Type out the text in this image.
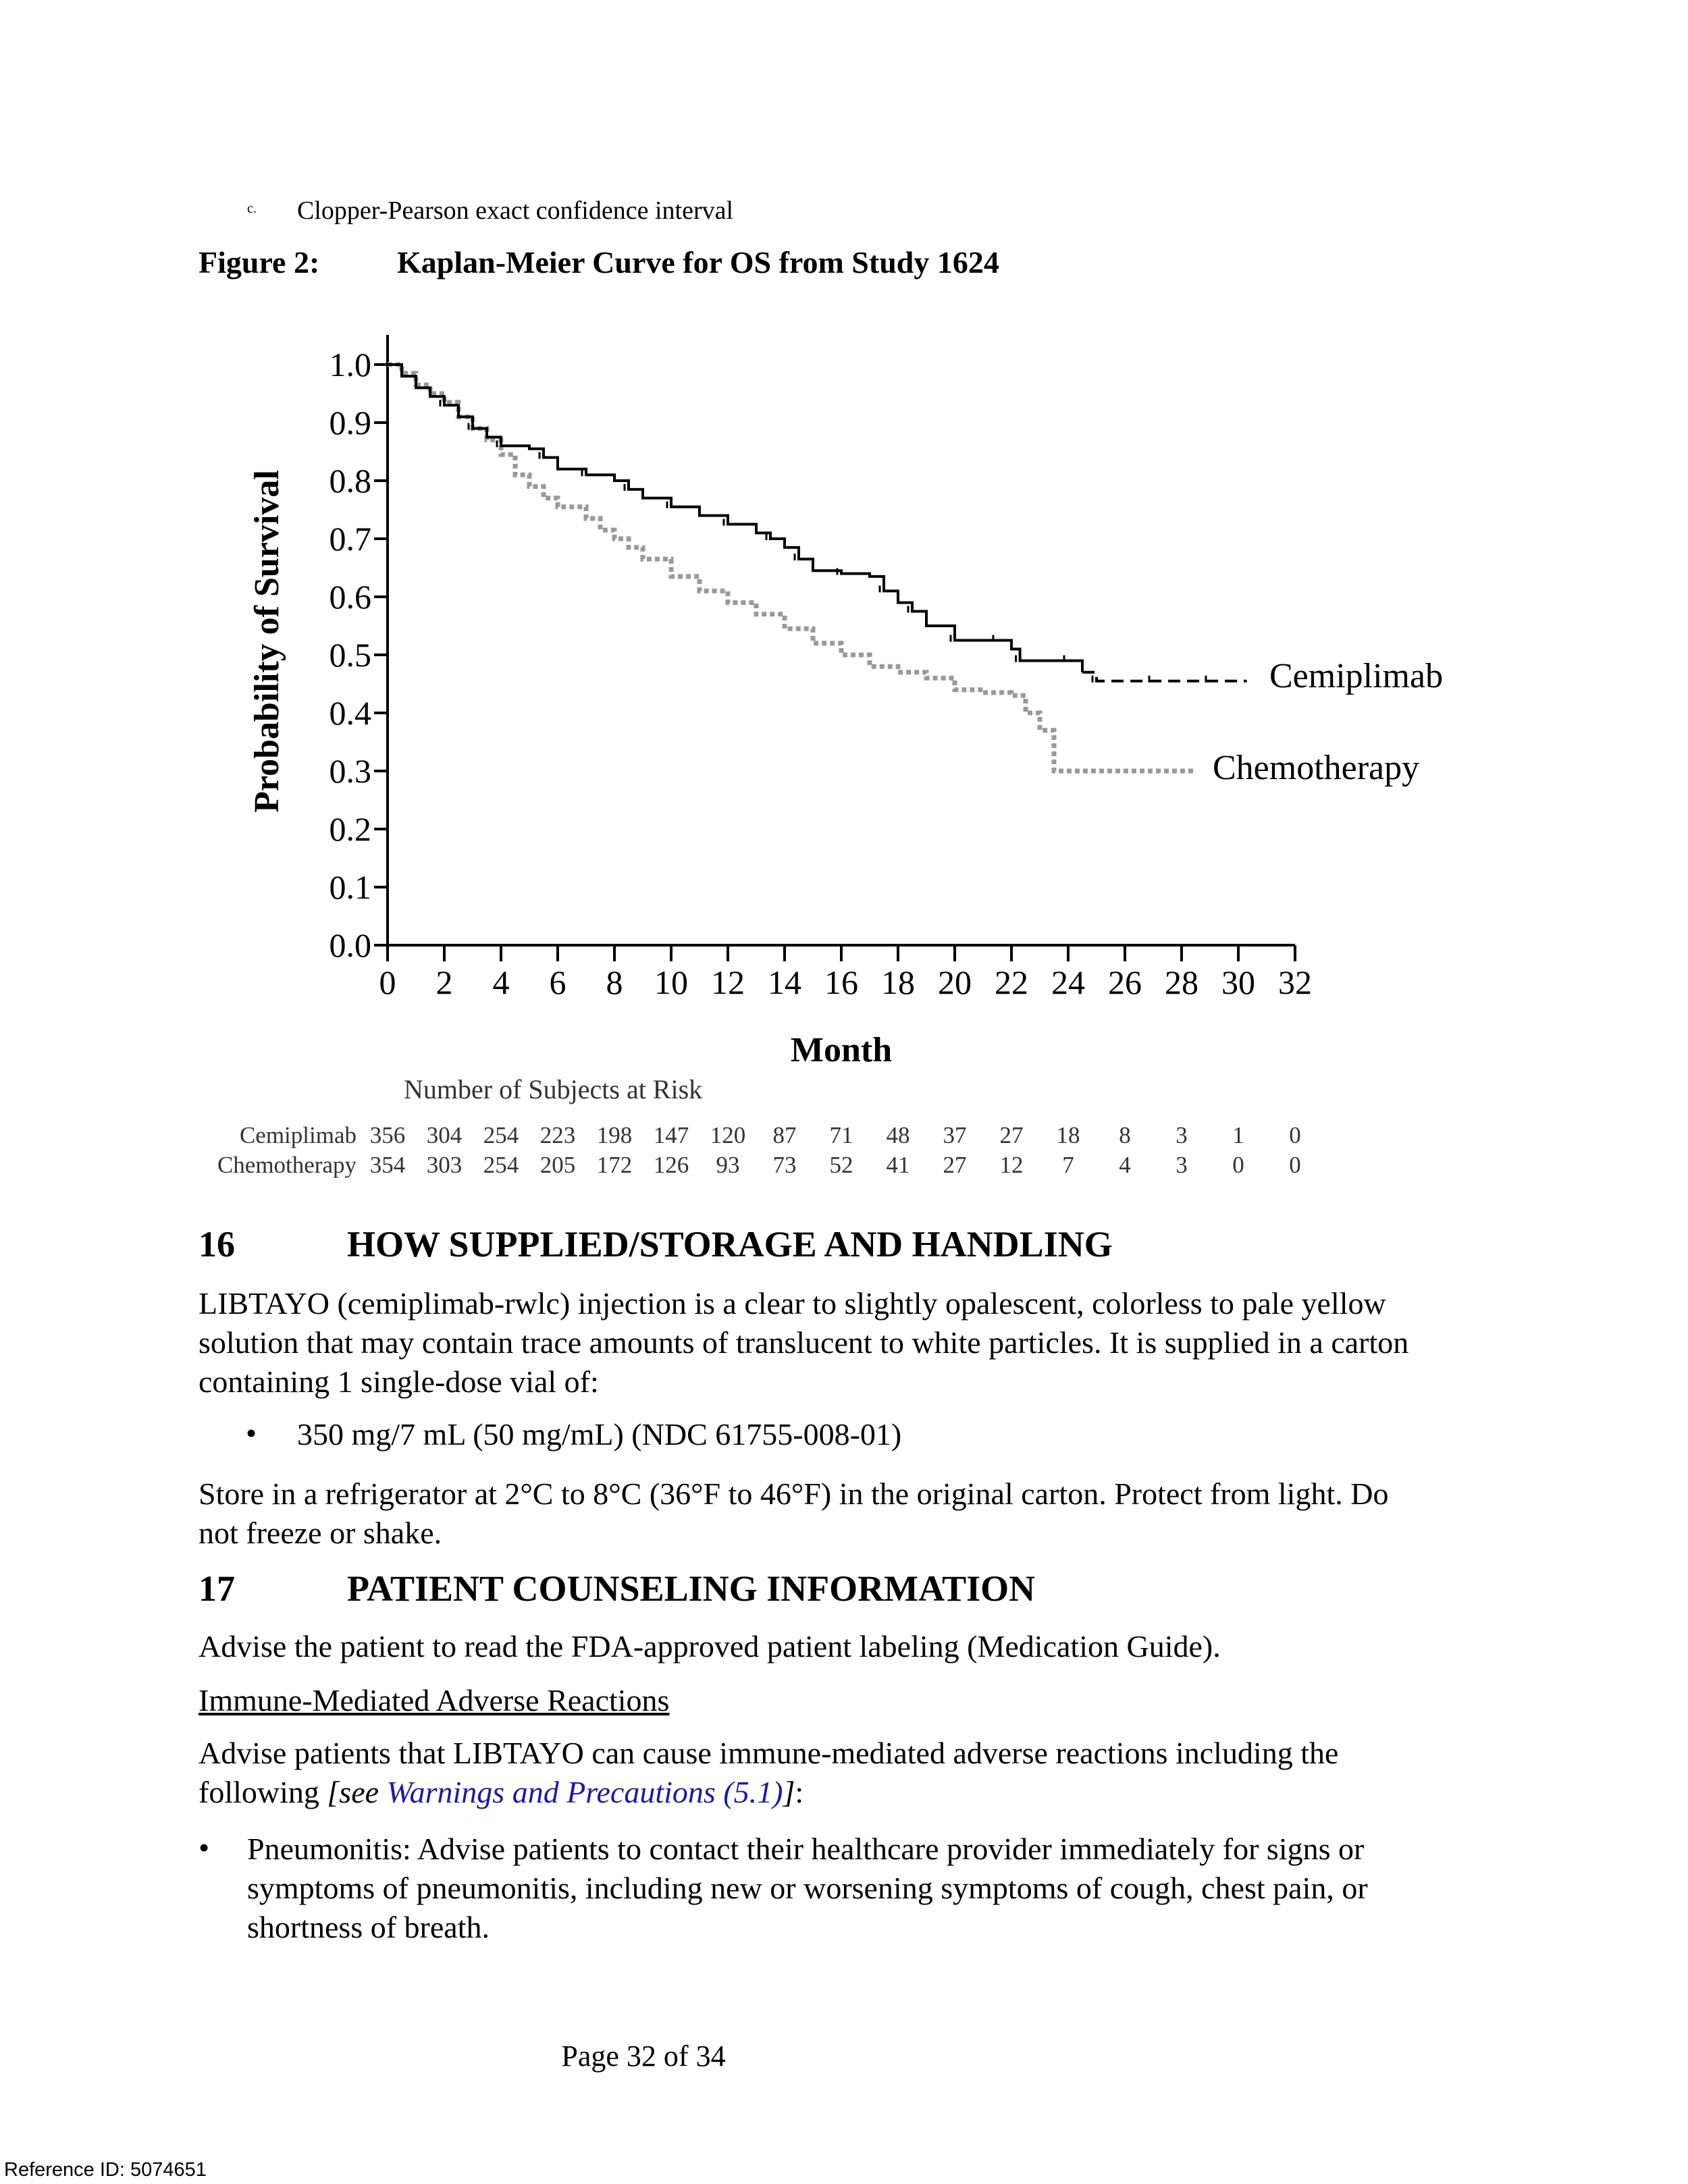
c. Clopper-Pearson exact confidence interval
Figure 2: Kaplan-Meier Curve for OS from Study 1624
0.0
0.1
0.2
0.3
0.4
0.5
0.6
0.7
0.8
0.9
1.0
0 2 4 6 8 10 12 14 16 18 20 22 24 26 28 30 32
Month
Probability of Survival	Cemiplimab
Chemotherapy
Number of Subjects at Risk
Cemiplimab 356 304 254 223 198 147 120	87	71	48	37	27	18	8	3	1	0
Chemotherapy 354 303 254 205 172 126	93	73	52	41	27	12	7	4	3	0	0
16	HOW SUPPLIED/STORAGE AND HANDLING
LIBTAYO (cemiplimab-rwlc) injection is a clear to slightly opalescent, colorless to pale yellow
solution that may contain trace amounts of translucent to white particles. It is supplied in a carton
containing 1 single-dose vial of:
• 350 mg/7 mL (50 mg/mL) (NDC 61755-008-01)
Store in a refrigerator at 2°C to 8°C (36°F to 46°F) in the original carton. Protect from light. Do
not freeze or shake.
17	PATIENT COUNSELING INFORMATION
Advise the patient to read the FDA-approved patient labeling (Medication Guide).
Immune-Mediated Adverse Reactions
Advise patients that LIBTAYO can cause immune-mediated adverse reactions including the
following [see Warnings and Precautions (5.1)]:
• Pneumonitis: Advise patients to contact their healthcare provider immediately for signs or
symptoms of pneumonitis, including new or worsening symptoms of cough, chest pain, or
shortness of breath.
Page 32 of 34
Reference ID: 5074651
